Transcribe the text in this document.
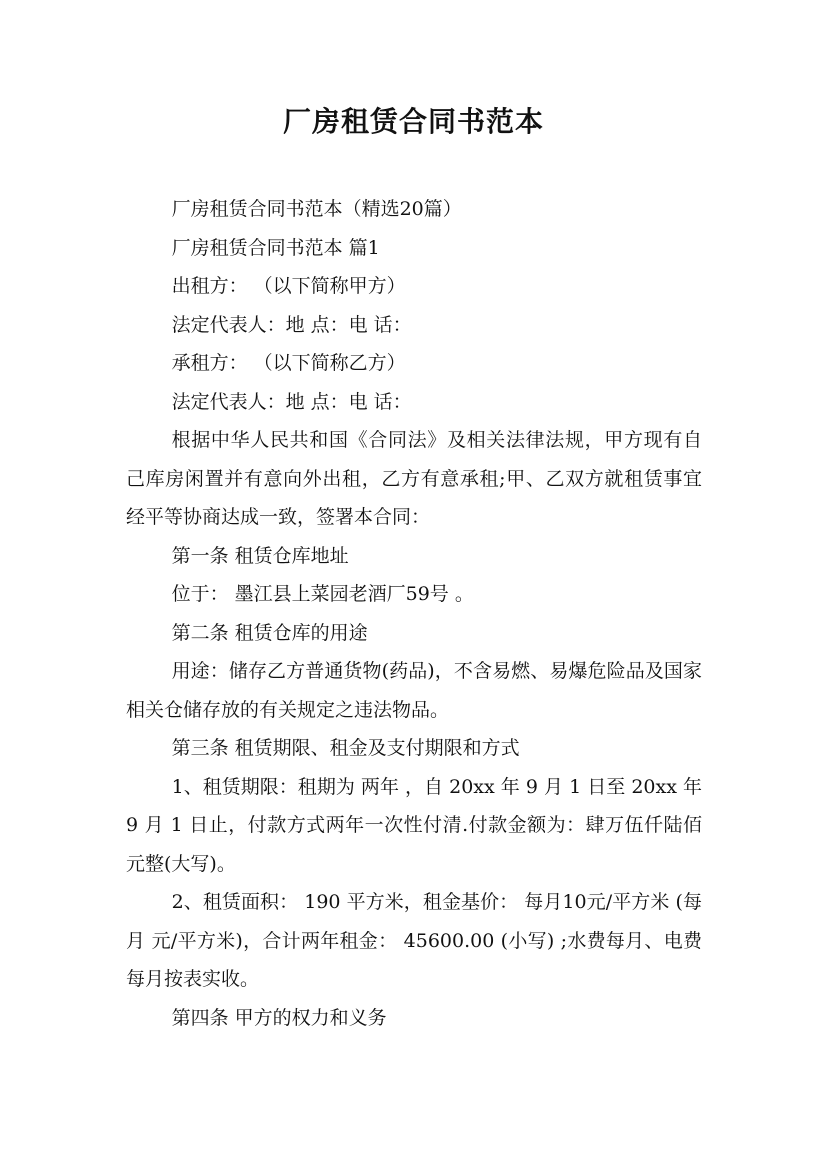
厂房租赁合同书范本

厂房租赁合同书范本（精选20篇）

厂房租赁合同书范本 篇1

出租方： （以下简称甲方）

法定代表人：地 点：电 话：

承租方： （以下简称乙方）

法定代表人：地 点：电 话：

根据中华人民共和国《合同法》及相关法律法规，甲方现有自己库房闲置并有意向外出租，乙方有意承租;甲、乙双方就租赁事宜经平等协商达成一致，签署本合同：

第一条 租赁仓库地址

位于： 墨江县上菜园老酒厂59号 。

第二条 租赁仓库的用途

用途：储存乙方普通货物(药品)，不含易燃、易爆危险品及国家相关仓储存放的有关规定之违法物品。

第三条 租赁期限、租金及支付期限和方式

1、租赁期限：租期为 两年 ，自 20xx 年 9 月 1 日至 20xx 年 9 月 1 日止，付款方式两年一次性付清.付款金额为：肆万伍仟陆佰元整(大写)。

2、租赁面积： 190 平方米，租金基价： 每月10元/平方米 (每月 元/平方米)，合计两年租金： 45600.00 (小写) ;水费每月、电费每月按表实收。

第四条 甲方的权力和义务
